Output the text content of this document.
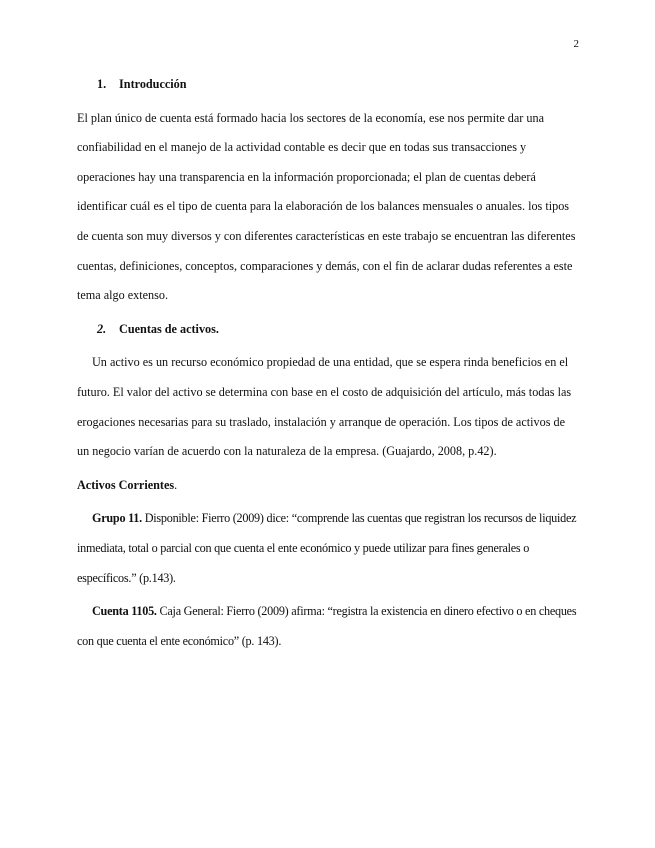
2
1. Introducción

El plan único de cuenta está formado hacia los sectores de la economía, ese nos permite dar una confiabilidad en el manejo de la actividad contable es decir que en todas sus transacciones y operaciones hay una transparencia en la información proporcionada; el plan de cuentas deberá identificar cuál es el tipo de cuenta para la elaboración de los balances mensuales o anuales. los tipos de cuenta son muy diversos y con diferentes características en este trabajo se encuentran las diferentes cuentas, definiciones, conceptos, comparaciones y demás, con el fin de aclarar dudas referentes a este tema algo extenso.

2. Cuentas de activos.

Un activo es un recurso económico propiedad de una entidad, que se espera rinda beneficios en el futuro. El valor del activo se determina con base en el costo de adquisición del artículo, más todas las erogaciones necesarias para su traslado, instalación y arranque de operación. Los tipos de activos de un negocio varían de acuerdo con la naturaleza de la empresa. (Guajardo, 2008, p.42).

Activos Corrientes.

Grupo 11. Disponible: Fierro (2009) dice: “comprende las cuentas que registran los recursos de liquidez inmediata, total o parcial con que cuenta el ente económico y puede utilizar para fines generales o específicos.” (p.143).

Cuenta 1105. Caja General: Fierro (2009) afirma: “registra la existencia en dinero efectivo o en cheques con que cuenta el ente económico” (p. 143).
